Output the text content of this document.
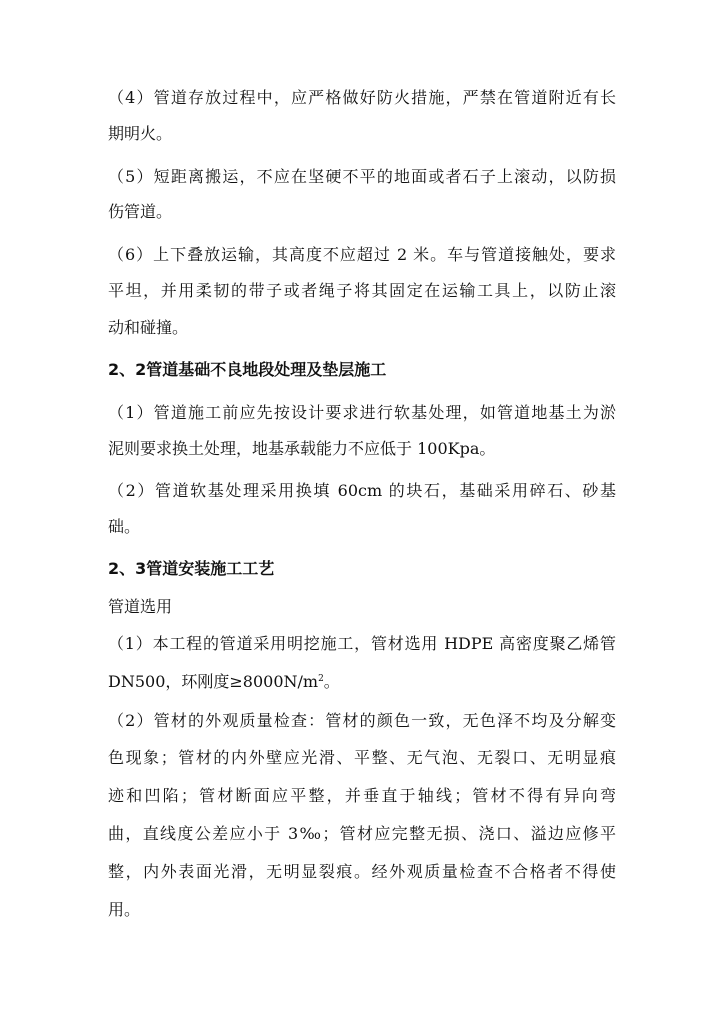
（4）管道存放过程中，应严格做好防火措施，严禁在管道附近有长
期明火。
（5）短距离搬运，不应在坚硬不平的地面或者石子上滚动，以防损
伤管道。
（6）上下叠放运输，其高度不应超过 2 米。车与管道接触处，要求
平坦，并用柔韧的带子或者绳子将其固定在运输工具上，以防止滚
动和碰撞。
2、2管道基础不良地段处理及垫层施工
（1）管道施工前应先按设计要求进行软基处理，如管道地基土为淤
泥则要求换土处理，地基承载能力不应低于 100Kpa。
（2）管道软基处理采用换填 60cm 的块石，基础采用碎石、砂基
础。
2、3管道安装施工工艺
管道选用
（1）本工程的管道采用明挖施工，管材选用 HDPE 高密度聚乙烯管
DN500，环刚度$\ge 8000N/m^2$。
（2）管材的外观质量检查：管材的颜色一致，无色泽不均及分解变
色现象；管材的内外壁应光滑、平整、无气泡、无裂口、无明显痕
迹和凹陷；管材断面应平整，并垂直于轴线；管材不得有异向弯
曲，直线度公差应小于 3‰；管材应完整无损、浇口、溢边应修平
整，内外表面光滑，无明显裂痕。经外观质量检查不合格者不得使
用。
